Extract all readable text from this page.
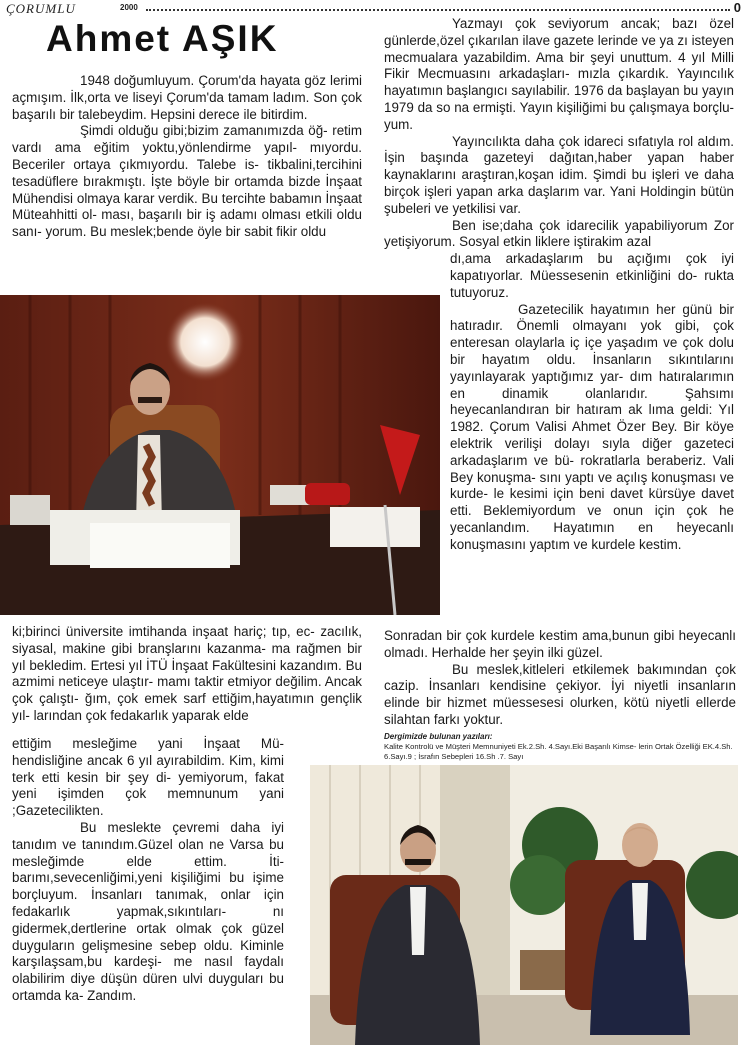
ÇORUMLU	2000	0
Ahmet AŞIK

1948 doğumluyum. Çorum'da hayata göz lerimi açmışım. İlk,orta ve liseyi Çorum'da tamam ladım. Son çok başarılı bir talebeydim. Hepsini derece ile bitirdim.

Şimdi olduğu gibi;bizim zamanımızda öğ- retim vardı ama eğitim yoktu,yönlendirme yapıl- mıyordu. Beceriler ortaya çıkmıyordu. Talebe is- tikbalini,tercihini tesadüflere bırakmıştı. İşte böyle bir ortamda bizde İnşaat Mühendisi olmaya karar verdik. Bu tercihte babamın İnşaat Müteahhitti ol- ması, başarılı bir iş adamı olması etkili oldu sanı- yorum. Bu meslek;bende öyle bir sabit fikir oldu

Yazmayı çok seviyorum ancak; bazı özel günlerde,özel çıkarılan ilave gazete lerinde ve ya zı isteyen mecmualara yazabildim. Ama bir şeyi unuttum. 4 yıl Milli Fikir Mecmuasını arkadaşları- mızla çıkardık. Yayıncılık hayatımın başlangıcı sayılabilir. 1976 da başlayan bu yayın 1979 da so na ermişti. Yayın kişiliğimi bu çalışmaya borçlu- yum.

Yayıncılıkta daha çok idareci sıfatıyla rol aldım. İşin başında gazeteyi dağıtan,haber yapan haber kaynaklarını araştıran,koşan idim. Şimdi bu işleri ve daha birçok işleri yapan arka daşlarım var. Yani Holdingin bütün şubeleri ve yetkilisi var.

Ben ise;daha çok idarecilik yapabiliyorum Zor yetişiyorum. Sosyal etkin liklere iştirakim azal

dı,ama arkadaşlarım bu açığımı çok iyi kapatıyorlar. Müessesenin etkinliğini do- rukta tutuyoruz.

Gazetecilik hayatımın her günü bir hatıradır. Önemli olmayanı yok gibi, çok enteresan olaylarla iç içe yaşadım ve çok dolu bir hayatım oldu. İnsanların sıkıntılarını yayınlayarak yaptığımız yar- dım hatıralarımın en dinamik olanlarıdır. Şahsımı heyecanlandıran bir hatıram ak lıma geldi: Yıl 1982. Çorum Valisi Ahmet Özer Bey. Bir köye elektrik verilişi dolayı sıyla diğer gazeteci arkadaşlarım ve bü- rokratlarla beraberiz. Vali Bey konuşma- sını yaptı ve açılış konuşması ve kurde- le kesimi için beni davet kürsüye davet etti. Beklemiyordum ve onun için çok he yecanlandım. Hayatımın en heyecanlı konuşmasını yaptım ve kurdele kestim.

ki;birinci üniversite imtihanda inşaat hariç; tıp, ec- zacılık, siyasal, makine gibi branşlarını kazanma- ma rağmen bir yıl bekledim. Ertesi yıl İTÜ İnşaat Fakültesini kazandım. Bu azmimi neticeye ulaştır- mamı taktir etmiyor değilim. Ancak çok çalıştı- ğım, çok emek sarf ettiğim,hayatımın gençlik yıl- larından çok fedakarlık yaparak elde

ettiğim mesleğime yani İnşaat Mü- hendisliğine ancak 6 yıl ayırabildim. Kim, kimi terk etti kesin bir şey di- yemiyorum, fakat yeni işimden çok memnunum yani ;Gazetecilikten.

Bu meslekte çevremi daha iyi tanıdım ve tanındım.Güzel olan ne Varsa bu mesleğimde elde ettim. İti- barımı,sevecenliğimi,yeni kişiliğimi bu işime borçluyum. İnsanları tanımak, onlar için fedakarlık yapmak,sıkıntıları- nı gidermek,dertlerine ortak olmak çok güzel duyguların gelişmesine sebep oldu. Kiminle karşılaşsam,bu kardeşi- me nasıl faydalı olabilirim diye düşün düren ulvi duyguları bu ortamda ka- Zandım.

Sonradan bir çok kurdele kestim ama,bunun gibi heyecanlı olmadı. Herhalde her şeyin ilki güzel.

Bu meslek,kitleleri etkilemek bakımından çok cazip. İnsanları kendisine çekiyor. İyi niyetli insanların elinde bir hizmet müessesesi olurken, kötü niyetli ellerde silahtan farkı yoktur.

Dergimizde bulunan yazıları:
Kalite Kontrolü ve Müşteri Memnuniyeti Ek.2.Sh. 4.Sayı.Eki Başarılı Kimse- lerin Ortak Özelliği EK.4.Sh. 6.Sayı.9 ; İsrafın Sebepleri 16.Sh .7. Sayı
